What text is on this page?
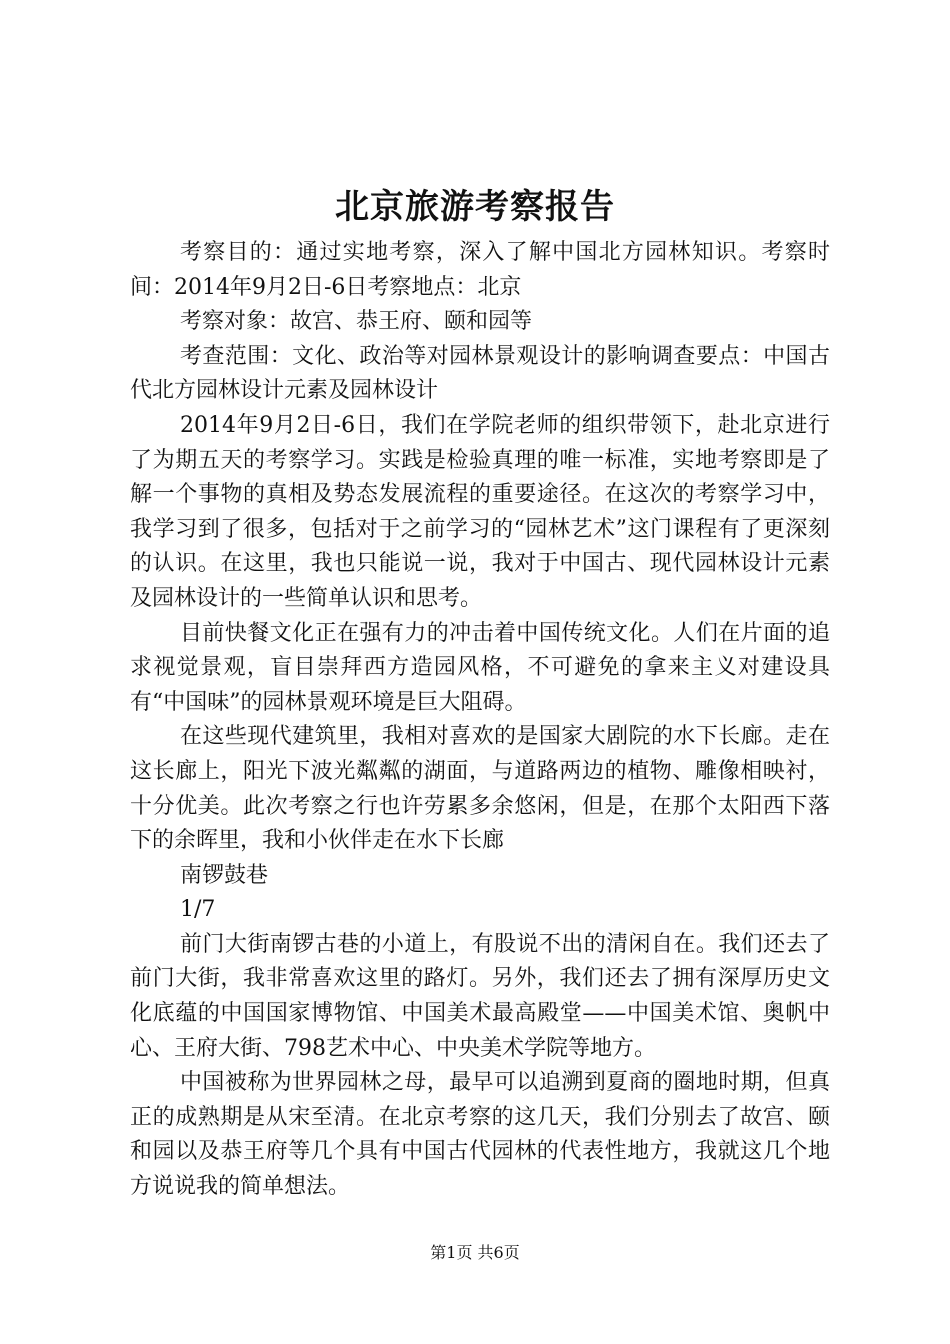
北京旅游考察报告

考察目的：通过实地考察，深入了解中国北方园林知识。考察时间：2014年9月2日-6日考察地点：北京

考察对象：故宫、恭王府、颐和园等

考查范围：文化、政治等对园林景观设计的影响调查要点：中国古代北方园林设计元素及园林设计

2014年9月2日-6日，我们在学院老师的组织带领下，赴北京进行了为期五天的考察学习。实践是检验真理的唯一标准，实地考察即是了解一个事物的真相及势态发展流程的重要途径。在这次的考察学习中，我学习到了很多，包括对于之前学习的“园林艺术”这门课程有了更深刻的认识。在这里，我也只能说一说，我对于中国古、现代园林设计元素及园林设计的一些简单认识和思考。

目前快餐文化正在强有力的冲击着中国传统文化。人们在片面的追求视觉景观，盲目崇拜西方造园风格，不可避免的拿来主义对建设具有“中国味”的园林景观环境是巨大阻碍。

在这些现代建筑里，我相对喜欢的是国家大剧院的水下长廊。走在这长廊上，阳光下波光粼粼的湖面，与道路两边的植物、雕像相映衬，十分优美。此次考察之行也许劳累多余悠闲，但是，在那个太阳西下落下的余晖里，我和小伙伴走在水下长廊

南锣鼓巷

1/7

前门大街南锣古巷的小道上，有股说不出的清闲自在。我们还去了前门大街，我非常喜欢这里的路灯。另外，我们还去了拥有深厚历史文化底蕴的中国国家博物馆、中国美术最高殿堂——中国美术馆、奥帆中心、王府大街、798艺术中心、中央美术学院等地方。

中国被称为世界园林之母，最早可以追溯到夏商的圈地时期，但真正的成熟期是从宋至清。在北京考察的这几天，我们分别去了故宫、颐和园以及恭王府等几个具有中国古代园林的代表性地方，我就这几个地方说说我的简单想法。

第1页 共6页
